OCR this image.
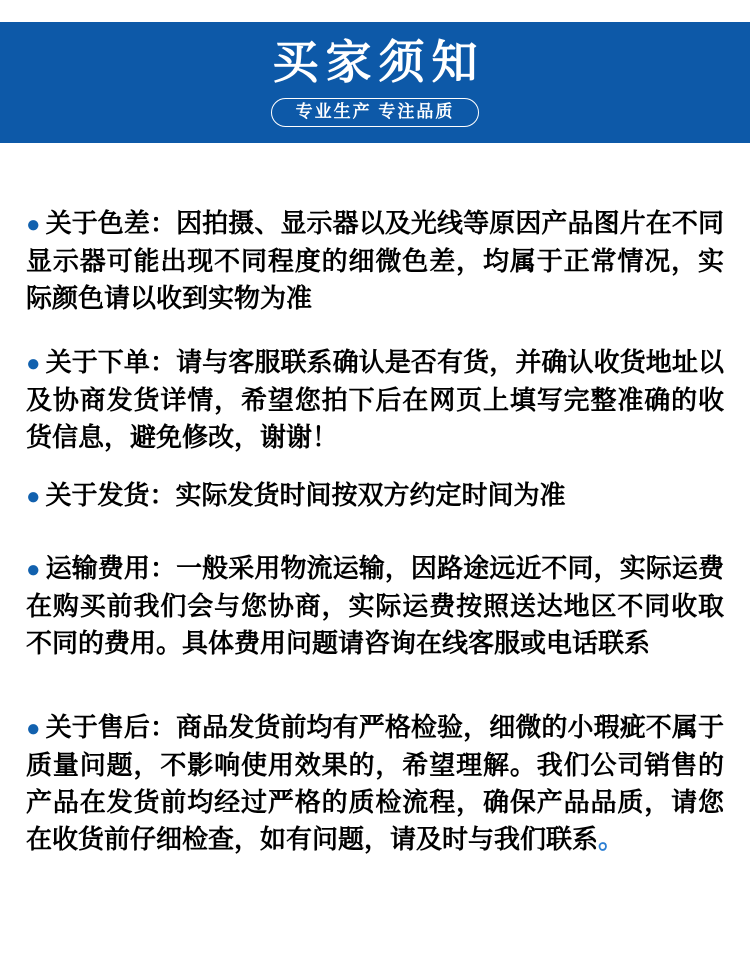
买家须知
专业生产 专注品质

● 关于色差：因拍摄、显示器以及光线等原因产品图片在不同显示器可能出现不同程度的细微色差，均属于正常情况，实际颜色请以收到实物为准

● 关于下单：请与客服联系确认是否有货，并确认收货地址以及协商发货详情，希望您拍下后在网页上填写完整准确的收货信息，避免修改，谢谢！

● 关于发货：实际发货时间按双方约定时间为准

● 运输费用：一般采用物流运输，因路途远近不同，实际运费在购买前我们会与您协商，实际运费按照送达地区不同收取不同的费用。具体费用问题请咨询在线客服或电话联系

● 关于售后：商品发货前均有严格检验，细微的小瑕疵不属于质量问题，不影响使用效果的，希望理解。我们公司销售的产品在发货前均经过严格的质检流程，确保产品品质，请您在收货前仔细检查，如有问题，请及时与我们联系。
